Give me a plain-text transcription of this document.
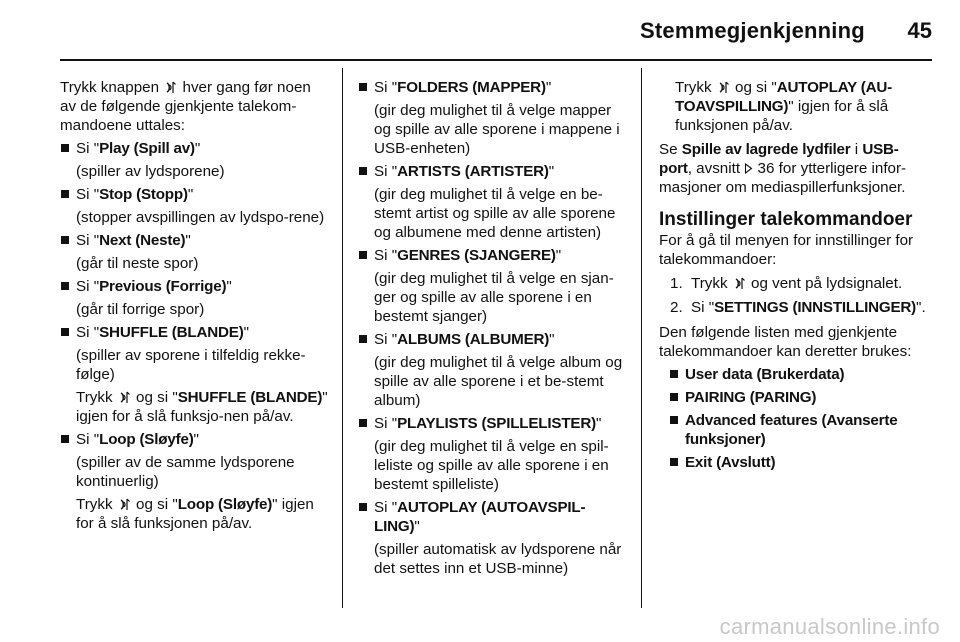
Stemmegjenkjenning	45

Trykk knappen hver gang før noen av de følgende gjenkjente talekom-mandoene uttales:

Si "Play (Spill av)"

(spiller av lydsporene)

Si "Stop (Stopp)"

(stopper avspillingen av lydspo-rene)

Si "Next (Neste)"

(går til neste spor)

Si "Previous (Forrige)"

(går til forrige spor)

Si "SHUFFLE (BLANDE)"

(spiller av sporene i tilfeldig rekke-følge)

Trykk og si "SHUFFLE (BLANDE)" igjen for å slå funksjo-nen på/av.

Si "Loop (Sløyfe)"

(spiller av de samme lydsporene kontinuerlig)

Trykk og si "Loop (Sløyfe)" igjen for å slå funksjonen på/av.

Si "FOLDERS (MAPPER)"

(gir deg mulighet til å velge mapper og spille av alle sporene i mappene i USB-enheten)

Si "ARTISTS (ARTISTER)"

(gir deg mulighet til å velge en be-stemt artist og spille av alle sporene og albumene med denne artisten)

Si "GENRES (SJANGERE)"

(gir deg mulighet til å velge en sjan-ger og spille av alle sporene i en bestemt sjanger)

Si "ALBUMS (ALBUMER)"

(gir deg mulighet til å velge album og spille av alle sporene i et be-stemt album)

Si "PLAYLISTS (SPILLELISTER)"

(gir deg mulighet til å velge en spil-leliste og spille av alle sporene i en bestemt spilleliste)

Si "AUTOPLAY (AUTOAVSPIL-LING)"

(spiller automatisk av lydsporene når det settes inn et USB-minne)

Trykk og si "AUTOPLAY (AU-TOAVSPILLING)" igjen for å slå funksjonen på/av.

Se Spille av lagrede lydfiler i USB-port, avsnitt  36 for ytterligere infor-masjoner om mediaspillerfunksjoner.

Instillinger talekommandoer

For å gå til menyen for innstillinger for talekommandoer:

1. Trykk og vent på lydsignalet.
2. Si "SETTINGS (INNSTILLINGER)".

Den følgende listen med gjenkjente talekommandoer kan deretter brukes:

User data (Brukerdata)
PAIRING (PARING)
Advanced features (Avanserte funksjoner)
Exit (Avslutt)
carmanualsonline.info
